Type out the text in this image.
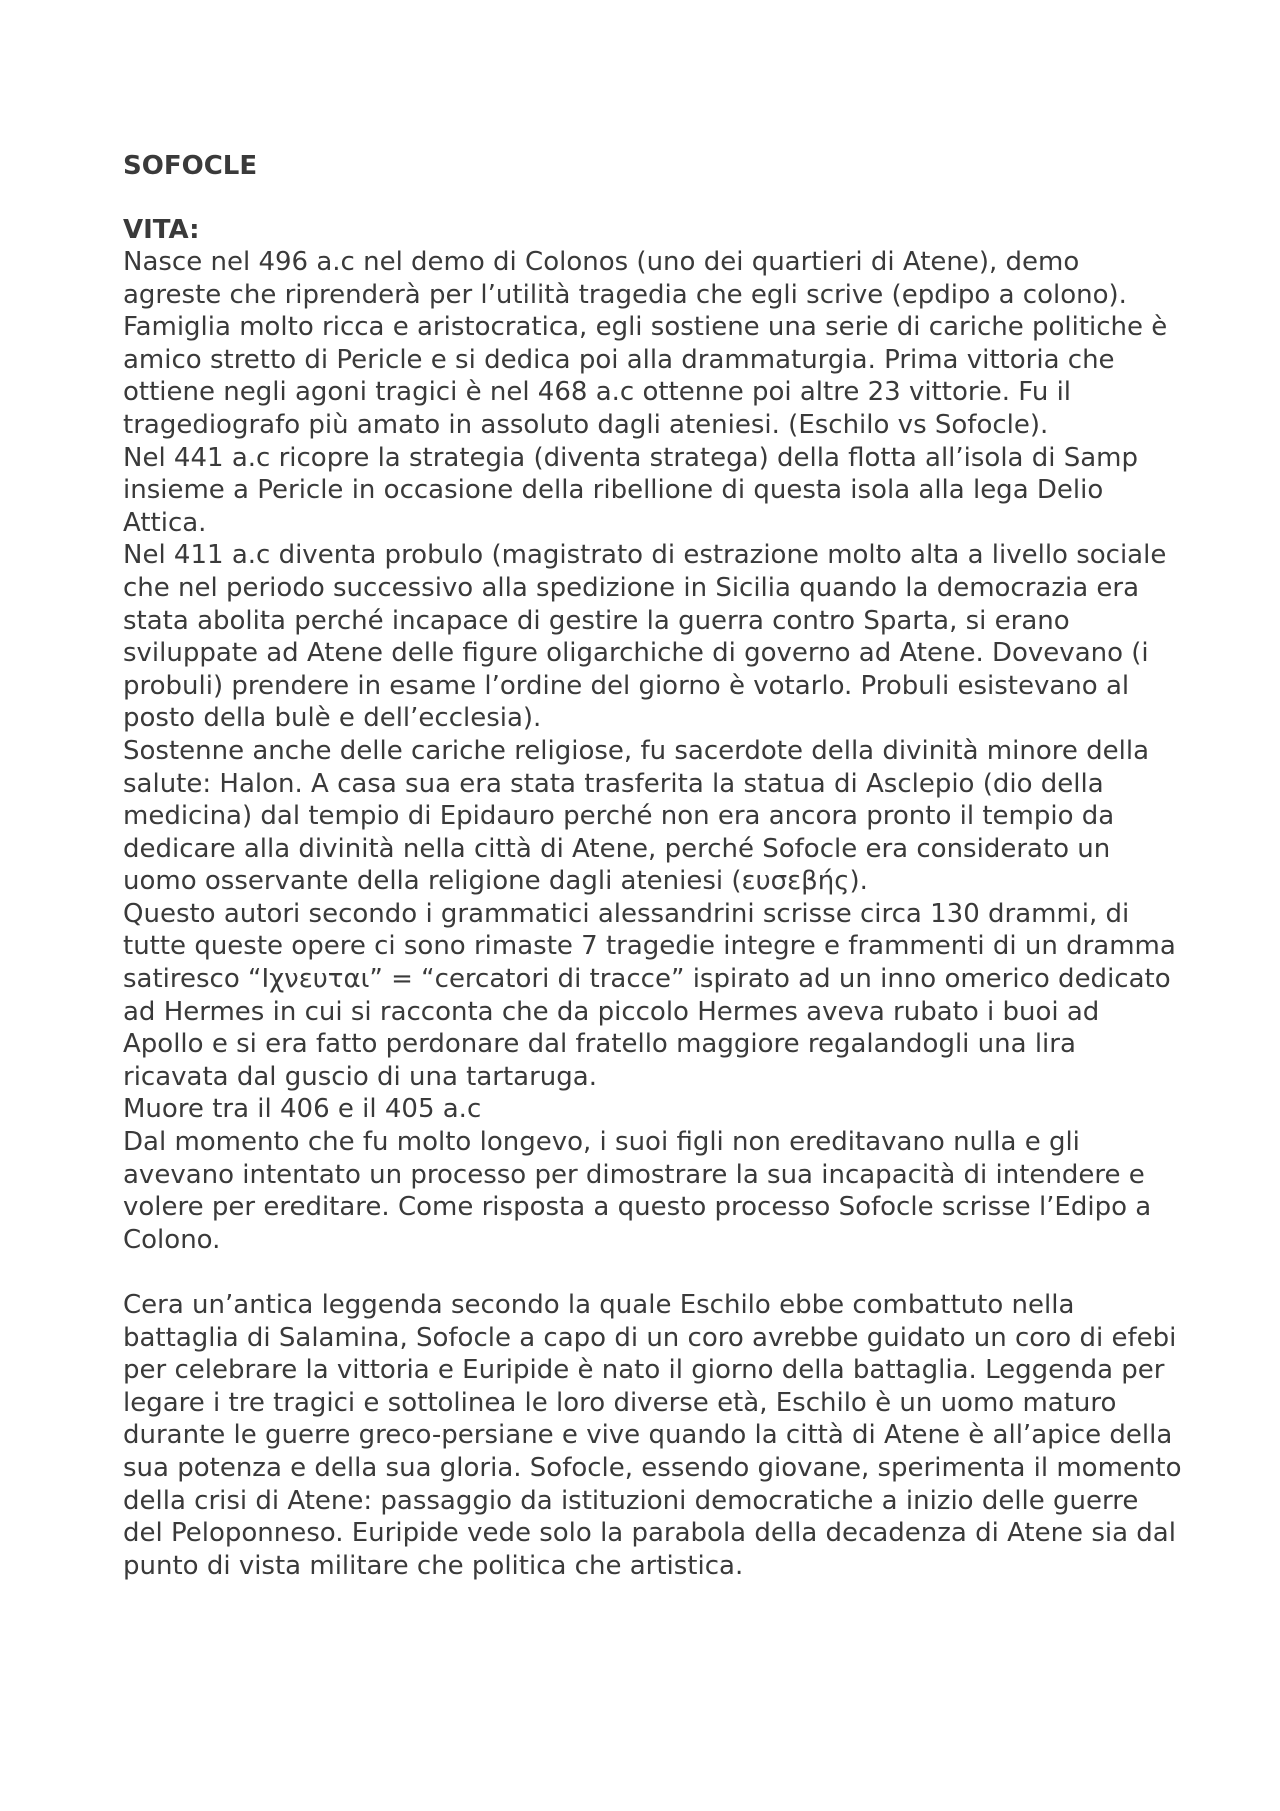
SOFOCLE

VITA:

Nasce nel 496 a.c nel demo di Colonos (uno dei quartieri di Atene), demo agreste che riprenderà per l’utilità tragedia che egli scrive (epdipo a colono). Famiglia molto ricca e aristocratica, egli sostiene una serie di cariche politiche è amico stretto di Pericle e si dedica poi alla drammaturgia. Prima vittoria che ottiene negli agoni tragici è nel 468 a.c ottenne poi altre 23 vittorie. Fu il tragediografo più amato in assoluto dagli ateniesi. (Eschilo vs Sofocle).

Nel 441 a.c ricopre la strategia (diventa stratega) della flotta all’isola di Samp insieme a Pericle in occasione della ribellione di questa isola alla lega Delio Attica.

Nel 411 a.c diventa probulo (magistrato di estrazione molto alta a livello sociale che nel periodo successivo alla spedizione in Sicilia quando la democrazia era stata abolita perché incapace di gestire la guerra contro Sparta, si erano sviluppate ad Atene delle figure oligarchiche di governo ad Atene. Dovevano (i probuli) prendere in esame l’ordine del giorno è votarlo. Probuli esistevano al posto della bulè e dell’ecclesia).

Sostenne anche delle cariche religiose, fu sacerdote della divinità minore della salute: Halon. A casa sua era stata trasferita la statua di Asclepio (dio della medicina) dal tempio di Epidauro perché non era ancora pronto il tempio da dedicare alla divinità nella città di Atene, perché Sofocle era considerato un uomo osservante della religione dagli ateniesi (ευσεβής).

Questo autori secondo i grammatici alessandrini scrisse circa 130 drammi, di tutte queste opere ci sono rimaste 7 tragedie integre e frammenti di un dramma satiresco “Ιχνευται” = “cercatori di tracce” ispirato ad un inno omerico dedicato ad Hermes in cui si racconta che da piccolo Hermes aveva rubato i buoi ad Apollo e si era fatto perdonare dal fratello maggiore regalandogli una lira ricavata dal guscio di una tartaruga.

Muore tra il 406 e il 405 a.c

Dal momento che fu molto longevo, i suoi figli non ereditavano nulla e gli avevano intentato un processo per dimostrare la sua incapacità di intendere e volere per ereditare. Come risposta a questo processo Sofocle scrisse l’Edipo a Colono.

Cera un’antica leggenda secondo la quale Eschilo ebbe combattuto nella battaglia di Salamina, Sofocle a capo di un coro avrebbe guidato un coro di efebi per celebrare la vittoria e Euripide è nato il giorno della battaglia. Leggenda per legare i tre tragici e sottolinea le loro diverse età, Eschilo è un uomo maturo durante le guerre greco-persiane e vive quando la città di Atene è all’apice della sua potenza e della sua gloria. Sofocle, essendo giovane, sperimenta il momento della crisi di Atene: passaggio da istituzioni democratiche a inizio delle guerre del Peloponneso. Euripide vede solo la parabola della decadenza di Atene sia dal punto di vista militare che politica che artistica.
